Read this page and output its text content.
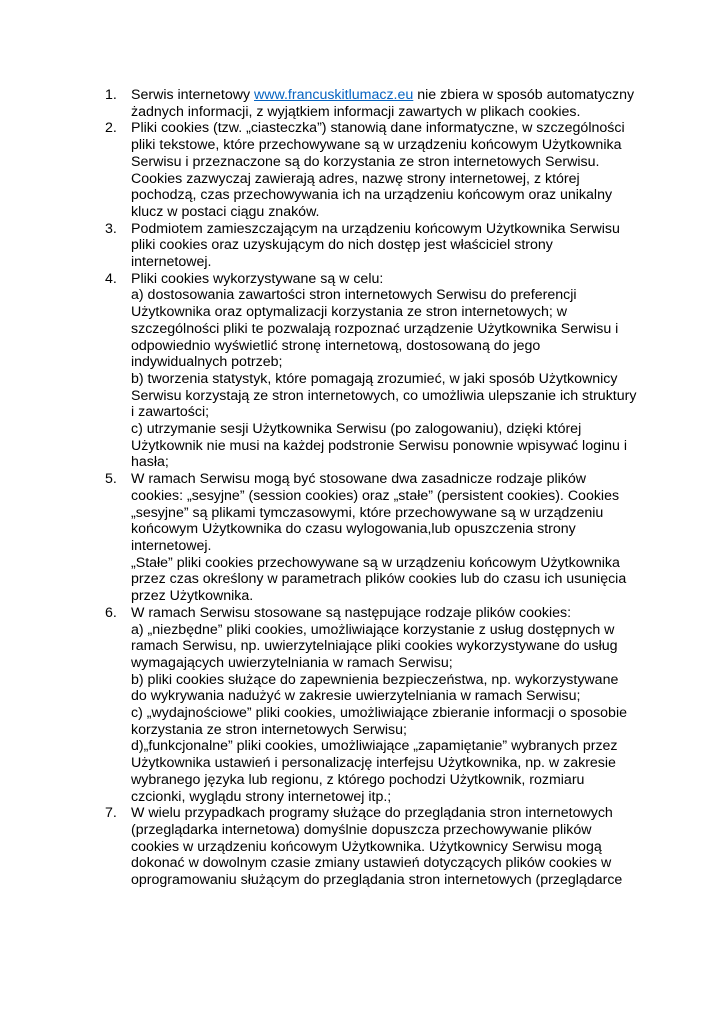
1. Serwis internetowy www.francuskitlumacz.eu nie zbiera w sposób automatyczny żadnych informacji, z wyjątkiem informacji zawartych w plikach cookies.
2. Pliki cookies (tzw. „ciasteczka”) stanowią dane informatyczne, w szczególności pliki tekstowe, które przechowywane są w urządzeniu końcowym Użytkownika Serwisu i przeznaczone są do korzystania ze stron internetowych Serwisu.
Cookies zazwyczaj zawierają adres, nazwę strony internetowej, z której pochodzą, czas przechowywania ich na urządzeniu końcowym oraz unikalny klucz w postaci ciągu znaków.
3. Podmiotem zamieszczającym na urządzeniu końcowym Użytkownika Serwisu pliki cookies oraz uzyskującym do nich dostęp jest właściciel strony internetowej.
4. Pliki cookies wykorzystywane są w celu:
a) dostosowania zawartości stron internetowych Serwisu do preferencji Użytkownika oraz optymalizacji korzystania ze stron internetowych; w szczególności pliki te pozwalają rozpoznać urządzenie Użytkownika Serwisu i odpowiednio wyświetlić stronę internetową, dostosowaną do jego indywidualnych potrzeb;
b) tworzenia statystyk, które pomagają zrozumieć, w jaki sposób Użytkownicy Serwisu korzystają ze stron internetowych, co umożliwia ulepszanie ich struktury i zawartości;
c) utrzymanie sesji Użytkownika Serwisu (po zalogowaniu), dzięki której Użytkownik nie musi na każdej podstronie Serwisu ponownie wpisywać loginu i hasła;
5. W ramach Serwisu mogą być stosowane dwa zasadnicze rodzaje plików cookies: „sesyjne” (session cookies) oraz „stałe” (persistent cookies). Cookies „sesyjne” są plikami tymczasowymi, które przechowywane są w urządzeniu końcowym Użytkownika do czasu wylogowania,lub opuszczenia strony internetowej.
„Stałe” pliki cookies przechowywane są w urządzeniu końcowym Użytkownika przez czas określony w parametrach plików cookies lub do czasu ich usunięcia przez Użytkownika.
6. W ramach Serwisu stosowane są następujące rodzaje plików cookies:
a) „niezbędne” pliki cookies, umożliwiające korzystanie z usług dostępnych w ramach Serwisu, np. uwierzytelniające pliki cookies wykorzystywane do usług wymagających uwierzytelniania w ramach Serwisu;
b) pliki cookies służące do zapewnienia bezpieczeństwa, np. wykorzystywane do wykrywania nadużyć w zakresie uwierzytelniania w ramach Serwisu;
c) „wydajnościowe” pliki cookies, umożliwiające zbieranie informacji o sposobie korzystania ze stron internetowych Serwisu;
d)„funkcjonalne” pliki cookies, umożliwiające „zapamiętanie” wybranych przez Użytkownika ustawień i personalizację interfejsu Użytkownika, np. w zakresie wybranego języka lub regionu, z którego pochodzi Użytkownik, rozmiaru czcionki, wyglądu strony internetowej itp.;
7. W wielu przypadkach programy służące do przeglądania stron internetowych (przeglądarka internetowa) domyślnie dopuszcza przechowywanie plików cookies w urządzeniu końcowym Użytkownika. Użytkownicy Serwisu mogą dokonać w dowolnym czasie zmiany ustawień dotyczących plików cookies w oprogramowaniu służącym do przeglądania stron internetowych (przeglądarce
